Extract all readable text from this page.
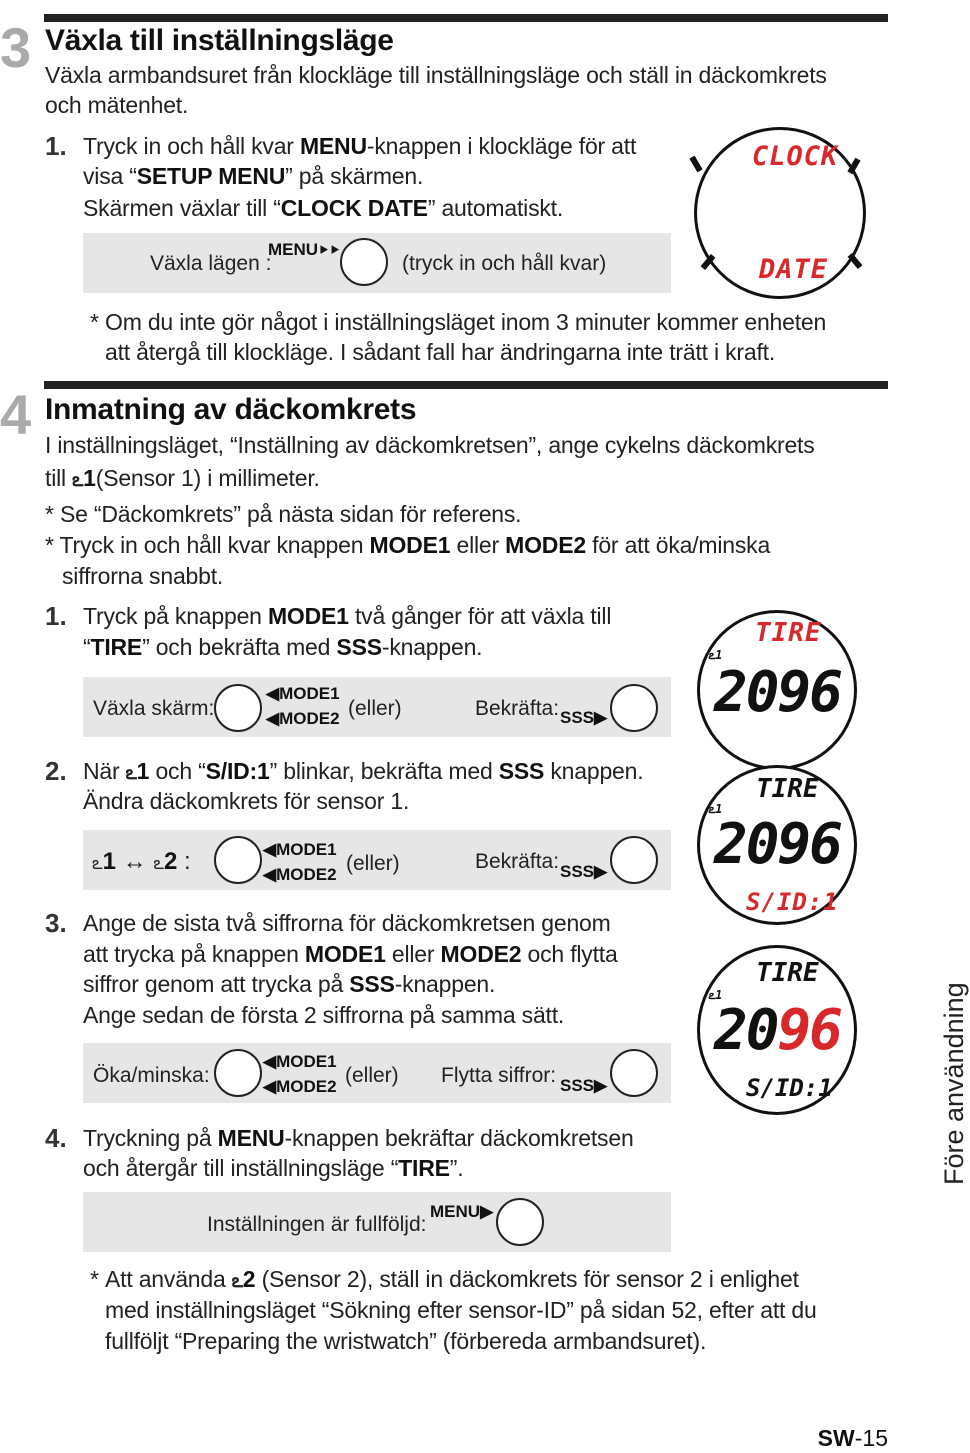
3 Växla till inställningsläge
Växla armbandsuret från klockläge till inställningsläge och ställ in däckomkrets
och mätenhet.
1. Tryck in och håll kvar MENU-knappen i klockläge för att
visa “SETUP MENU” på skärmen.
Skärmen växlar till “CLOCK DATE” automatiskt.
Växla lägen :
MENU⯈⯈
(tryck in och håll kvar)
CLOCK
DATE
* Om du inte gör något i inställningsläget inom 3 minuter kommer enheten
att återgå till klockläge. I sådant fall har ändringarna inte trätt i kraft.
4 Inmatning av däckomkrets
I inställningsläget, “Inställning av däckomkretsen”, ange cykelns däckomkrets
till ఽ1(Sensor 1) i millimeter.
* Se “Däckomkrets” på nästa sidan för referens.
* Tryck in och håll kvar knappen MODE1 eller MODE2 för att öka/minska
siffrorna snabbt.
1. Tryck på knappen MODE1 två gånger för att växla till
“TIRE” och bekräfta med SSS-knappen.
Växla skärm:
◀MODE1
◀MODE2 (eller)	Bekräfta: SSS▶
TIRE
ఽ1
2096
2. När ఽ1 och “S/ID:1” blinkar, bekräfta med SSS knappen.
Ändra däckomkrets för sensor 1.
ఽ1 ↔ ఽ2 :	◀MODE1
◀MODE2 (eller)	Bekräfta: SSS▶
TIRE
ఽ1
2096
S/ID:1
3. Ange de sista två siffrorna för däckomkretsen genom
att trycka på knappen MODE1 eller MODE2 och flytta
siffror genom att trycka på SSS-knappen.
Ange sedan de första 2 siffrorna på samma sätt.
Öka/minska:
◀MODE1
◀MODE2 (eller) Flytta siffror: SSS▶
TIRE
ఽ1
2096
S/ID:1
4. Tryckning på MENU-knappen bekräftar däckomkretsen
och återgår till inställningsläge “TIRE”.
Inställningen är fullföljd:
MENU▶
* Att använda ఽ2 (Sensor 2), ställ in däckomkrets för sensor 2 i enlighet
med inställningsläget “Sökning efter sensor-ID” på sidan 52, efter att du
fullföljt “Preparing the wristwatch” (förbereda armbandsuret).
Före användning
SW-15
